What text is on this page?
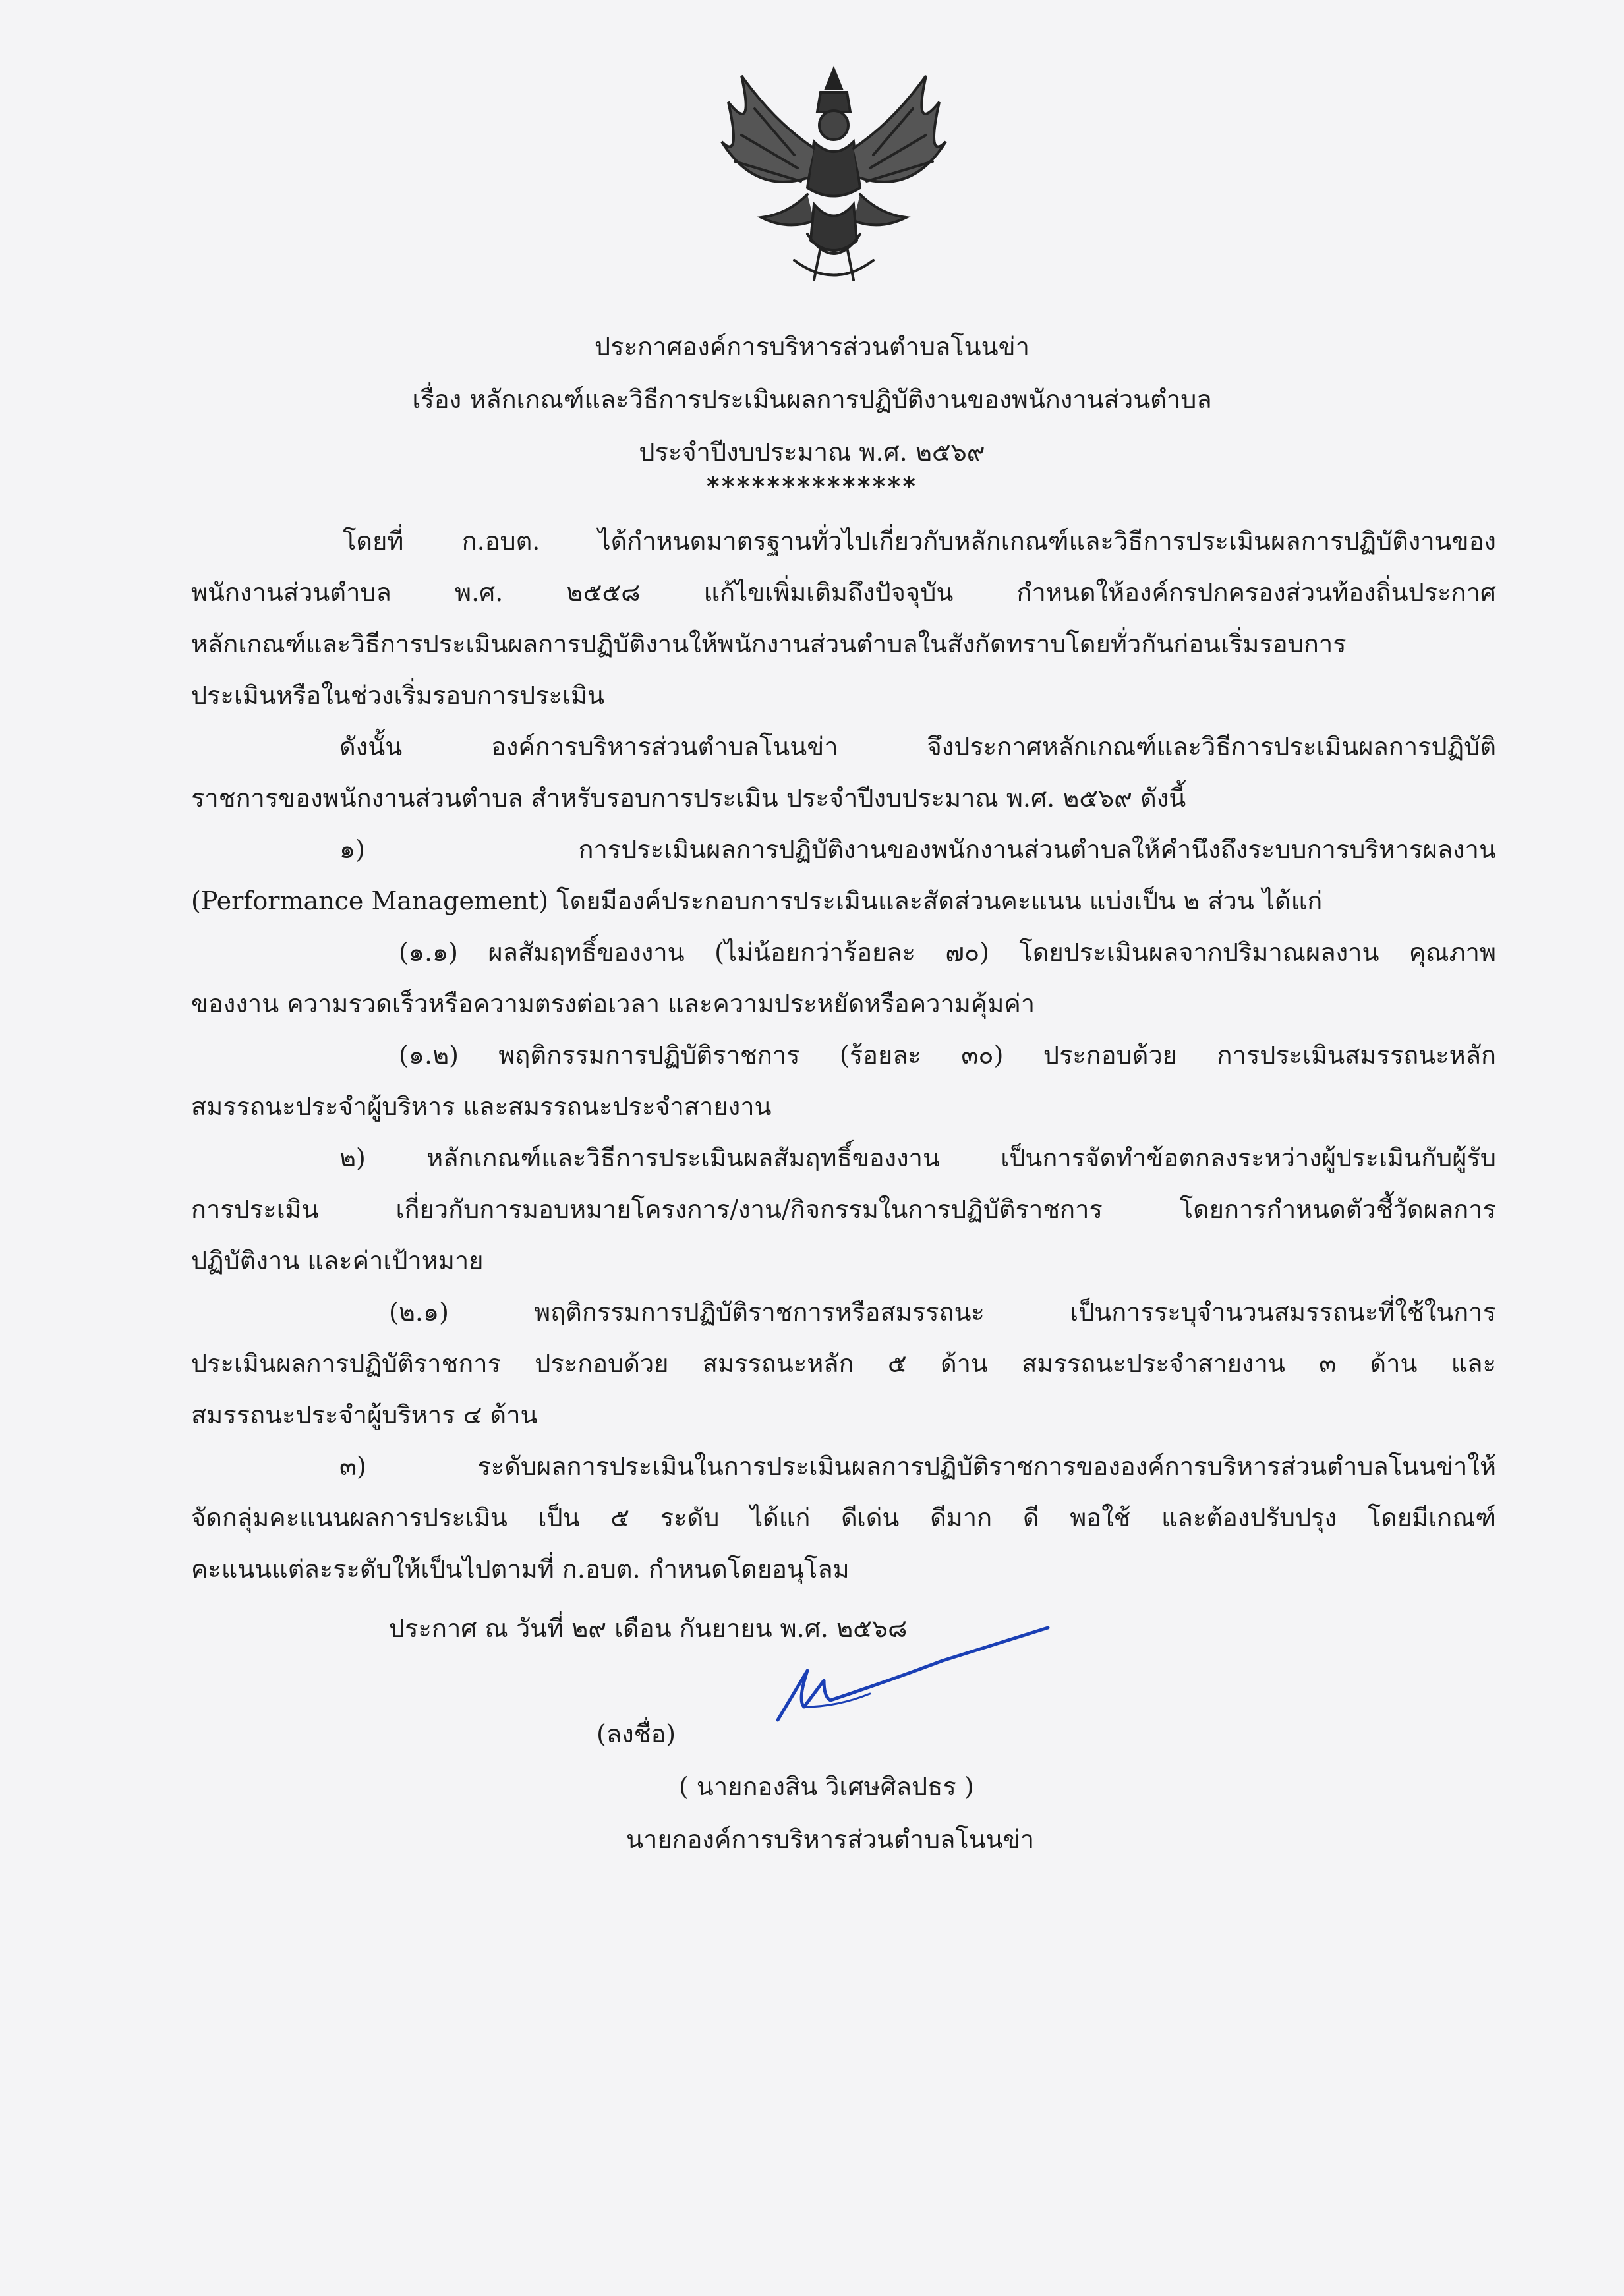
ประกาศองค์การบริหารส่วนตำบลโนนข่า
เรื่อง หลักเกณฑ์และวิธีการประเมินผลการปฏิบัติงานของพนักงานส่วนตำบล
ประจำปีงบประมาณ พ.ศ. ๒๕๖๙
**************
โดยที่ ก.อบต. ได้กำหนดมาตรฐานทั่วไปเกี่ยวกับหลักเกณฑ์และวิธีการประเมินผลการปฏิบัติงานของ
พนักงานส่วนตำบล พ.ศ. ๒๕๕๘ แก้ไขเพิ่มเติมถึงปัจจุบัน กำหนดให้องค์กรปกครองส่วนท้องถิ่นประกาศ
หลักเกณฑ์และวิธีการประเมินผลการปฏิบัติงานให้พนักงานส่วนตำบลในสังกัดทราบโดยทั่วกันก่อนเริ่มรอบการ
ประเมินหรือในช่วงเริ่มรอบการประเมิน
ดังนั้น องค์การบริหารส่วนตำบลโนนข่า จึงประกาศหลักเกณฑ์และวิธีการประเมินผลการปฏิบัติ
ราชการของพนักงานส่วนตำบล สำหรับรอบการประเมิน ประจำปีงบประมาณ พ.ศ. ๒๕๖๙ ดังนี้
๑) การประเมินผลการปฏิบัติงานของพนักงานส่วนตำบลให้คำนึงถึงระบบการบริหารผลงาน
(Performance Management) โดยมีองค์ประกอบการประเมินและสัดส่วนคะแนน แบ่งเป็น ๒ ส่วน ได้แก่
(๑.๑) ผลสัมฤทธิ์ของงาน (ไม่น้อยกว่าร้อยละ ๗๐) โดยประเมินผลจากปริมาณผลงาน คุณภาพ
ของงาน ความรวดเร็วหรือความตรงต่อเวลา และความประหยัดหรือความคุ้มค่า
(๑.๒) พฤติกรรมการปฏิบัติราชการ (ร้อยละ ๓๐) ประกอบด้วย การประเมินสมรรถนะหลัก
สมรรถนะประจำผู้บริหาร และสมรรถนะประจำสายงาน
๒) หลักเกณฑ์และวิธีการประเมินผลสัมฤทธิ์ของงาน เป็นการจัดทำข้อตกลงระหว่างผู้ประเมินกับผู้รับ
การประเมิน เกี่ยวกับการมอบหมายโครงการ/งาน/กิจกรรมในการปฏิบัติราชการ โดยการกำหนดตัวชี้วัดผลการ
ปฏิบัติงาน และค่าเป้าหมาย
(๒.๑) พฤติกรรมการปฏิบัติราชการหรือสมรรถนะ เป็นการระบุจำนวนสมรรถนะที่ใช้ในการ
ประเมินผลการปฏิบัติราชการ ประกอบด้วย สมรรถนะหลัก ๕ ด้าน สมรรถนะประจำสายงาน ๓ ด้าน และ
สมรรถนะประจำผู้บริหาร ๔ ด้าน
๓) ระดับผลการประเมินในการประเมินผลการปฏิบัติราชการขององค์การบริหารส่วนตำบลโนนข่าให้
จัดกลุ่มคะแนนผลการประเมิน เป็น ๕ ระดับ ได้แก่ ดีเด่น ดีมาก ดี พอใช้ และต้องปรับปรุง โดยมีเกณฑ์
คะแนนแต่ละระดับให้เป็นไปตามที่ ก.อบต. กำหนดโดยอนุโลม
ประกาศ ณ วันที่ ๒๙ เดือน กันยายน พ.ศ. ๒๕๖๘
(ลงชื่อ)
( นายกองสิน วิเศษศิลปธร )
นายกองค์การบริหารส่วนตำบลโนนข่า
